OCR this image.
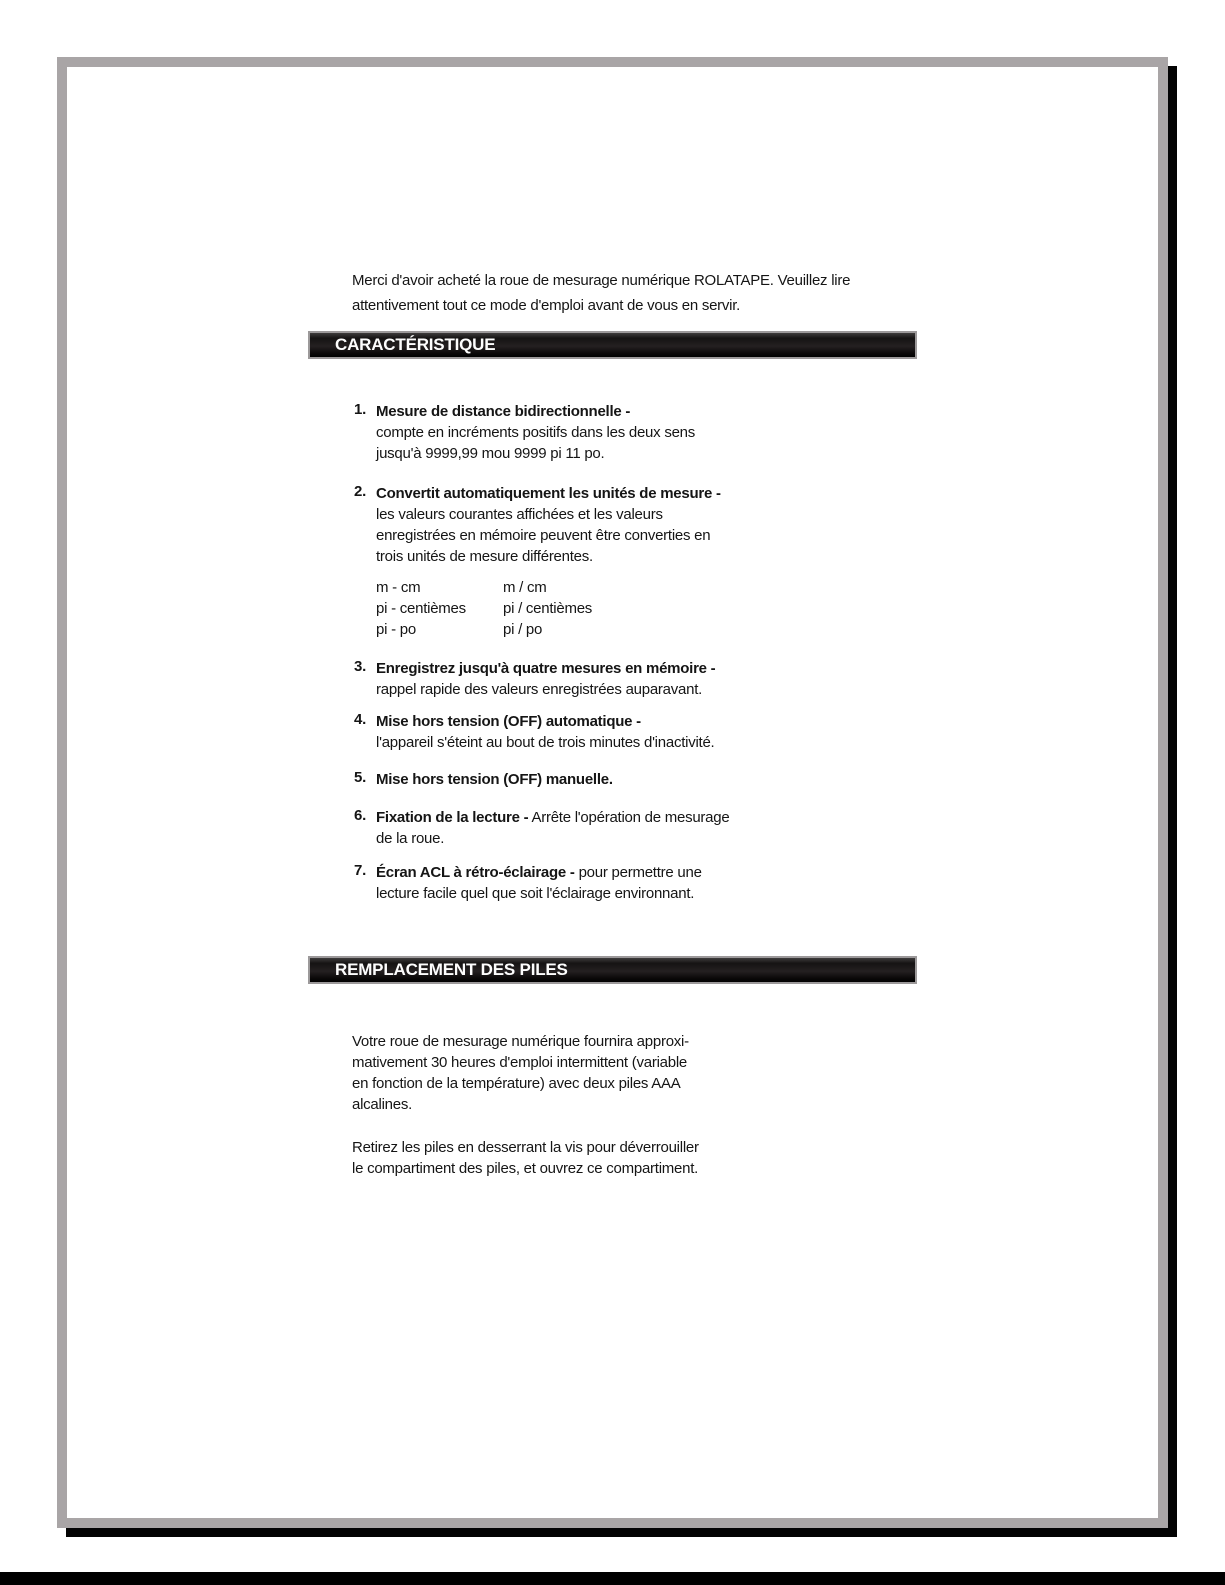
Merci d'avoir acheté la roue de mesurage numérique ROLATAPE. Veuillez lire
attentivement tout ce mode d'emploi avant de vous en servir.
CARACTÉRISTIQUE
1. Mesure de distance bidirectionnelle -
compte en incréments positifs dans les deux sens
jusqu'à 9999,99 mou 9999 pi 11 po.
2. Convertit automatiquement les unités de mesure -
les valeurs courantes affichées et les valeurs
enregistrées en mémoire peuvent être converties en
trois unités de mesure différentes.
m - cm	m / cm
pi - centièmes pi / centièmes
pi - po	pi / po
3. Enregistrez jusqu'à quatre mesures en mémoire -
rappel rapide des valeurs enregistrées auparavant.
4. Mise hors tension (OFF) automatique -
l'appareil s'éteint au bout de trois minutes d'inactivité.
5. Mise hors tension (OFF) manuelle.
6. Fixation de la lecture - Arrête l'opération de mesurage
de la roue.
7. Écran ACL à rétro-éclairage - pour permettre une
lecture facile quel que soit l'éclairage environnant.
REMPLACEMENT DES PILES
Votre roue de mesurage numérique fournira approxi-
mativement 30 heures d'emploi intermittent (variable
en fonction de la température) avec deux piles AAA
alcalines.
Retirez les piles en desserrant la vis pour déverrouiller
le compartiment des piles, et ouvrez ce compartiment.
